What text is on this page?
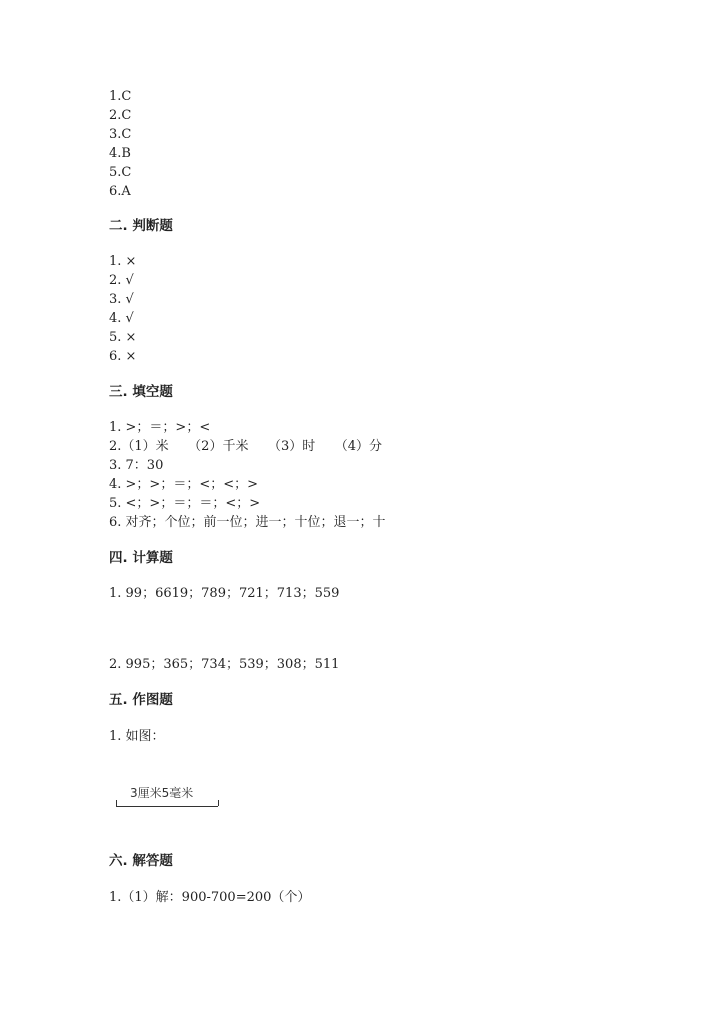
1.C
2.C
3.C
4.B
5.C
6.A
二. 判断题
1. ×
2. √
3. √
4. √
5. ×
6. ×
三. 填空题
1. >；＝；>；<
2.（1）米　　（2）千米　　（3）时　　（4）分
3. 7：30
4. >；>；＝；<；<；>
5. <；>；＝；＝；<；>
6. 对齐；个位；前一位；进一；十位；退一；十
四. 计算题
1. 99；6619；789；721；713；559
2. 995；365；734；539；308；511
五. 作图题
1. 如图：
3厘米5毫米
六. 解答题
1.（1）解：900-700=200（个）
